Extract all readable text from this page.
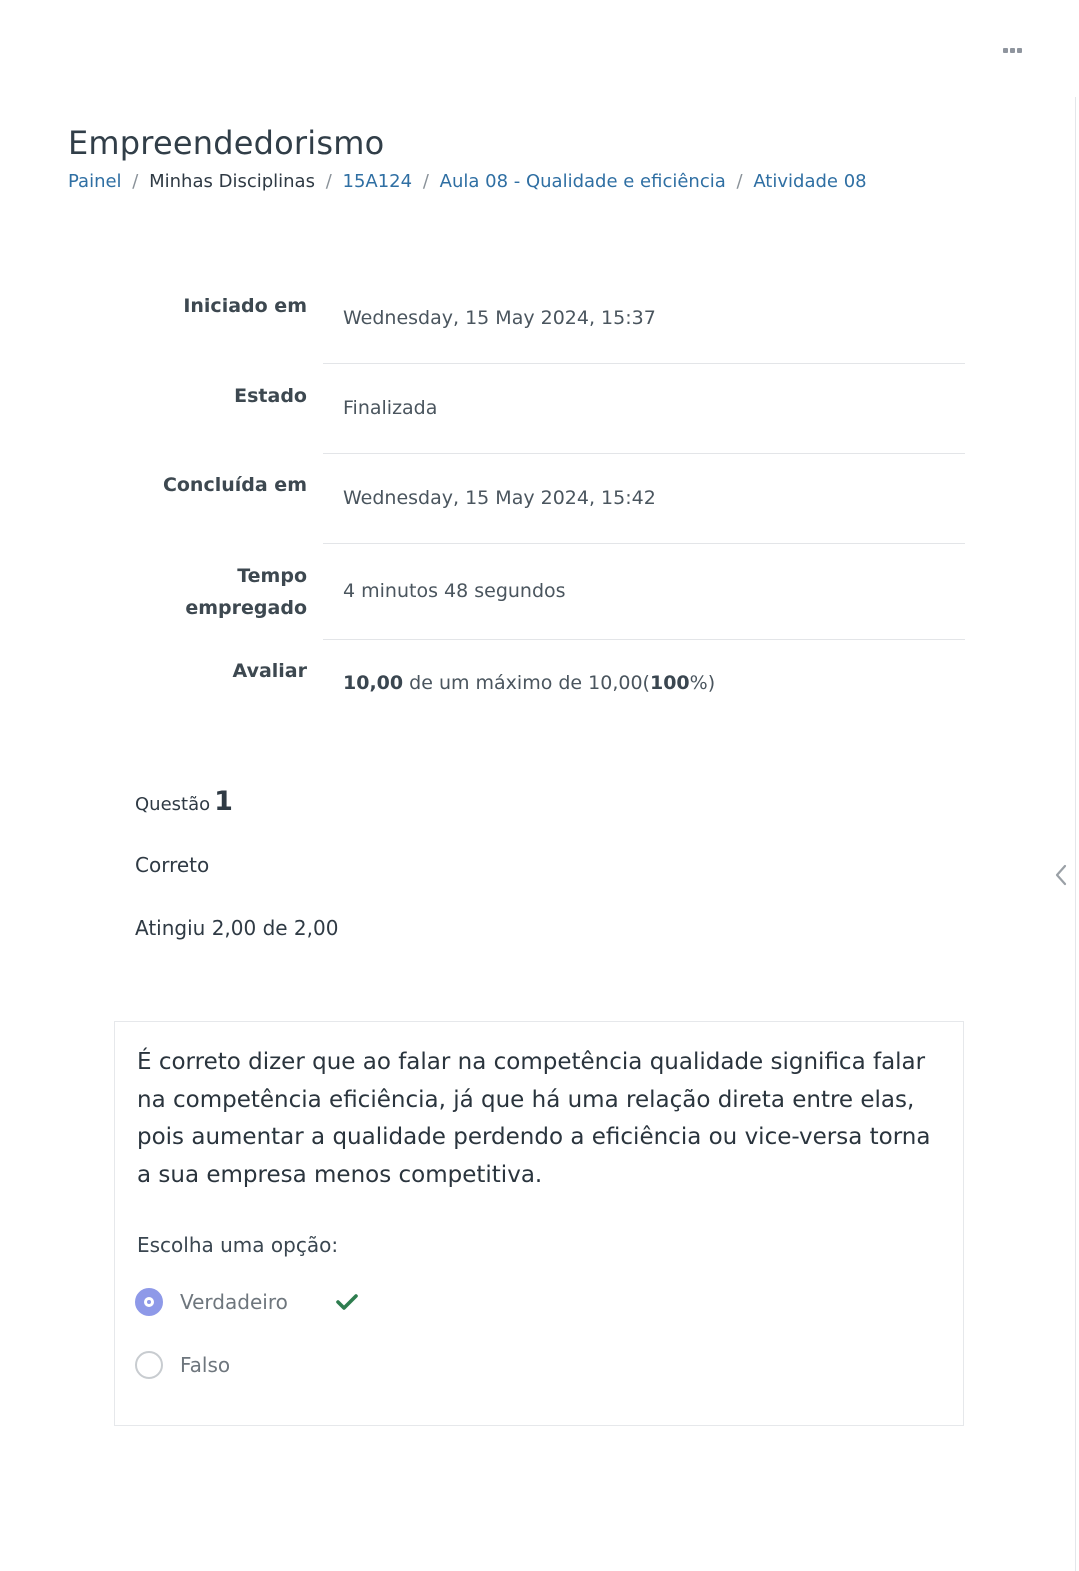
Empreendedorismo
Painel / Minhas Disciplinas / 15A124 / Aula 08 - Qualidade e eficiência / Atividade 08
Iniciado em
Wednesday, 15 May 2024, 15:37
Estado
Finalizada
Concluída em
Wednesday, 15 May 2024, 15:42
Tempo
empregado
4 minutos 48 segundos
Avaliar
10,00 de um máximo de 10,00(100%)
Questão 1
Correto
Atingiu 2,00 de 2,00
É correto dizer que ao falar na competência qualidade significa falar na competência eficiência, já que há uma relação direta entre elas, pois aumentar a qualidade perdendo a eficiência ou vice-versa torna a sua empresa menos competitiva.
Escolha uma opção:
Verdadeiro
Falso
